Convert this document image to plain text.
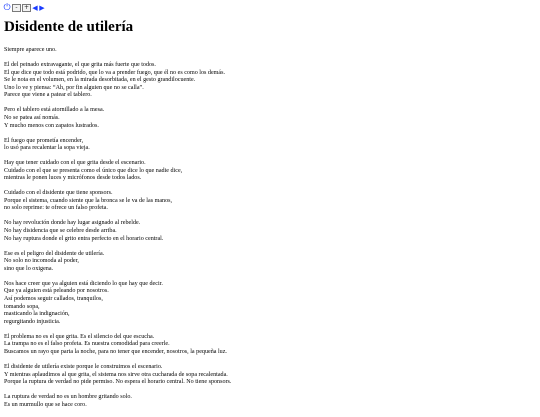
⏻ -	+ ◀ ▶
Disidente de utilería

Siempre aparece uno.

El del peinado extravagante, el que grita más fuerte que todos.
El que dice que todo está podrido, que lo va a prender fuego, que él no es como los demás.
Se le nota en el volumen, en la mirada desorbitada, en el gesto grandilocuente.
Uno lo ve y piensa: “Ah, por fin alguien que no se calla”.
Parece que viene a patear el tablero.

Pero el tablero está atornillado a la mesa.
No se patea así nomás.
Y mucho menos con zapatos lustrados.

El fuego que prometía encender,
lo usó para recalentar la sopa vieja.

Hay que tener cuidado con el que grita desde el escenario.
Cuidado con el que se presenta como el único que dice lo que nadie dice,
mientras le ponen luces y micrófonos desde todos lados.

Cuidado con el disidente que tiene sponsors.
Porque el sistema, cuando siente que la bronca se le va de las manos,
no solo reprime: te ofrece un falso profeta.

No hay revolución donde hay lugar asignado al rebelde.
No hay disidencia que se celebre desde arriba.
No hay ruptura donde el grito entra perfecto en el horario central.

Ese es el peligro del disidente de utilería.
No solo no incomoda al poder,
sino que lo oxigena.

Nos hace creer que ya alguien está diciendo lo que hay que decir.
Que ya alguien está peleando por nosotros.
Así podemos seguir callados, tranquilos,
tomando sopa,
masticando la indignación,
regurgitando injusticia.

El problema no es el que grita. Es el silencio del que escucha.
La trampa no es el falso profeta. Es nuestra comodidad para creerle.
Buscamos un rayo que parta la noche, para no tener que encender, nosotros, la pequeña luz.

El disidente de utilería existe porque le construimos el escenario.
Y mientras aplaudimos al que grita, el sistema nos sirve otra cucharada de sopa recalentada.
Porque la ruptura de verdad no pide permiso. No espera el horario central. No tiene sponsors.

La ruptura de verdad no es un hombre gritando solo.
Es un murmullo que se hace coro.
